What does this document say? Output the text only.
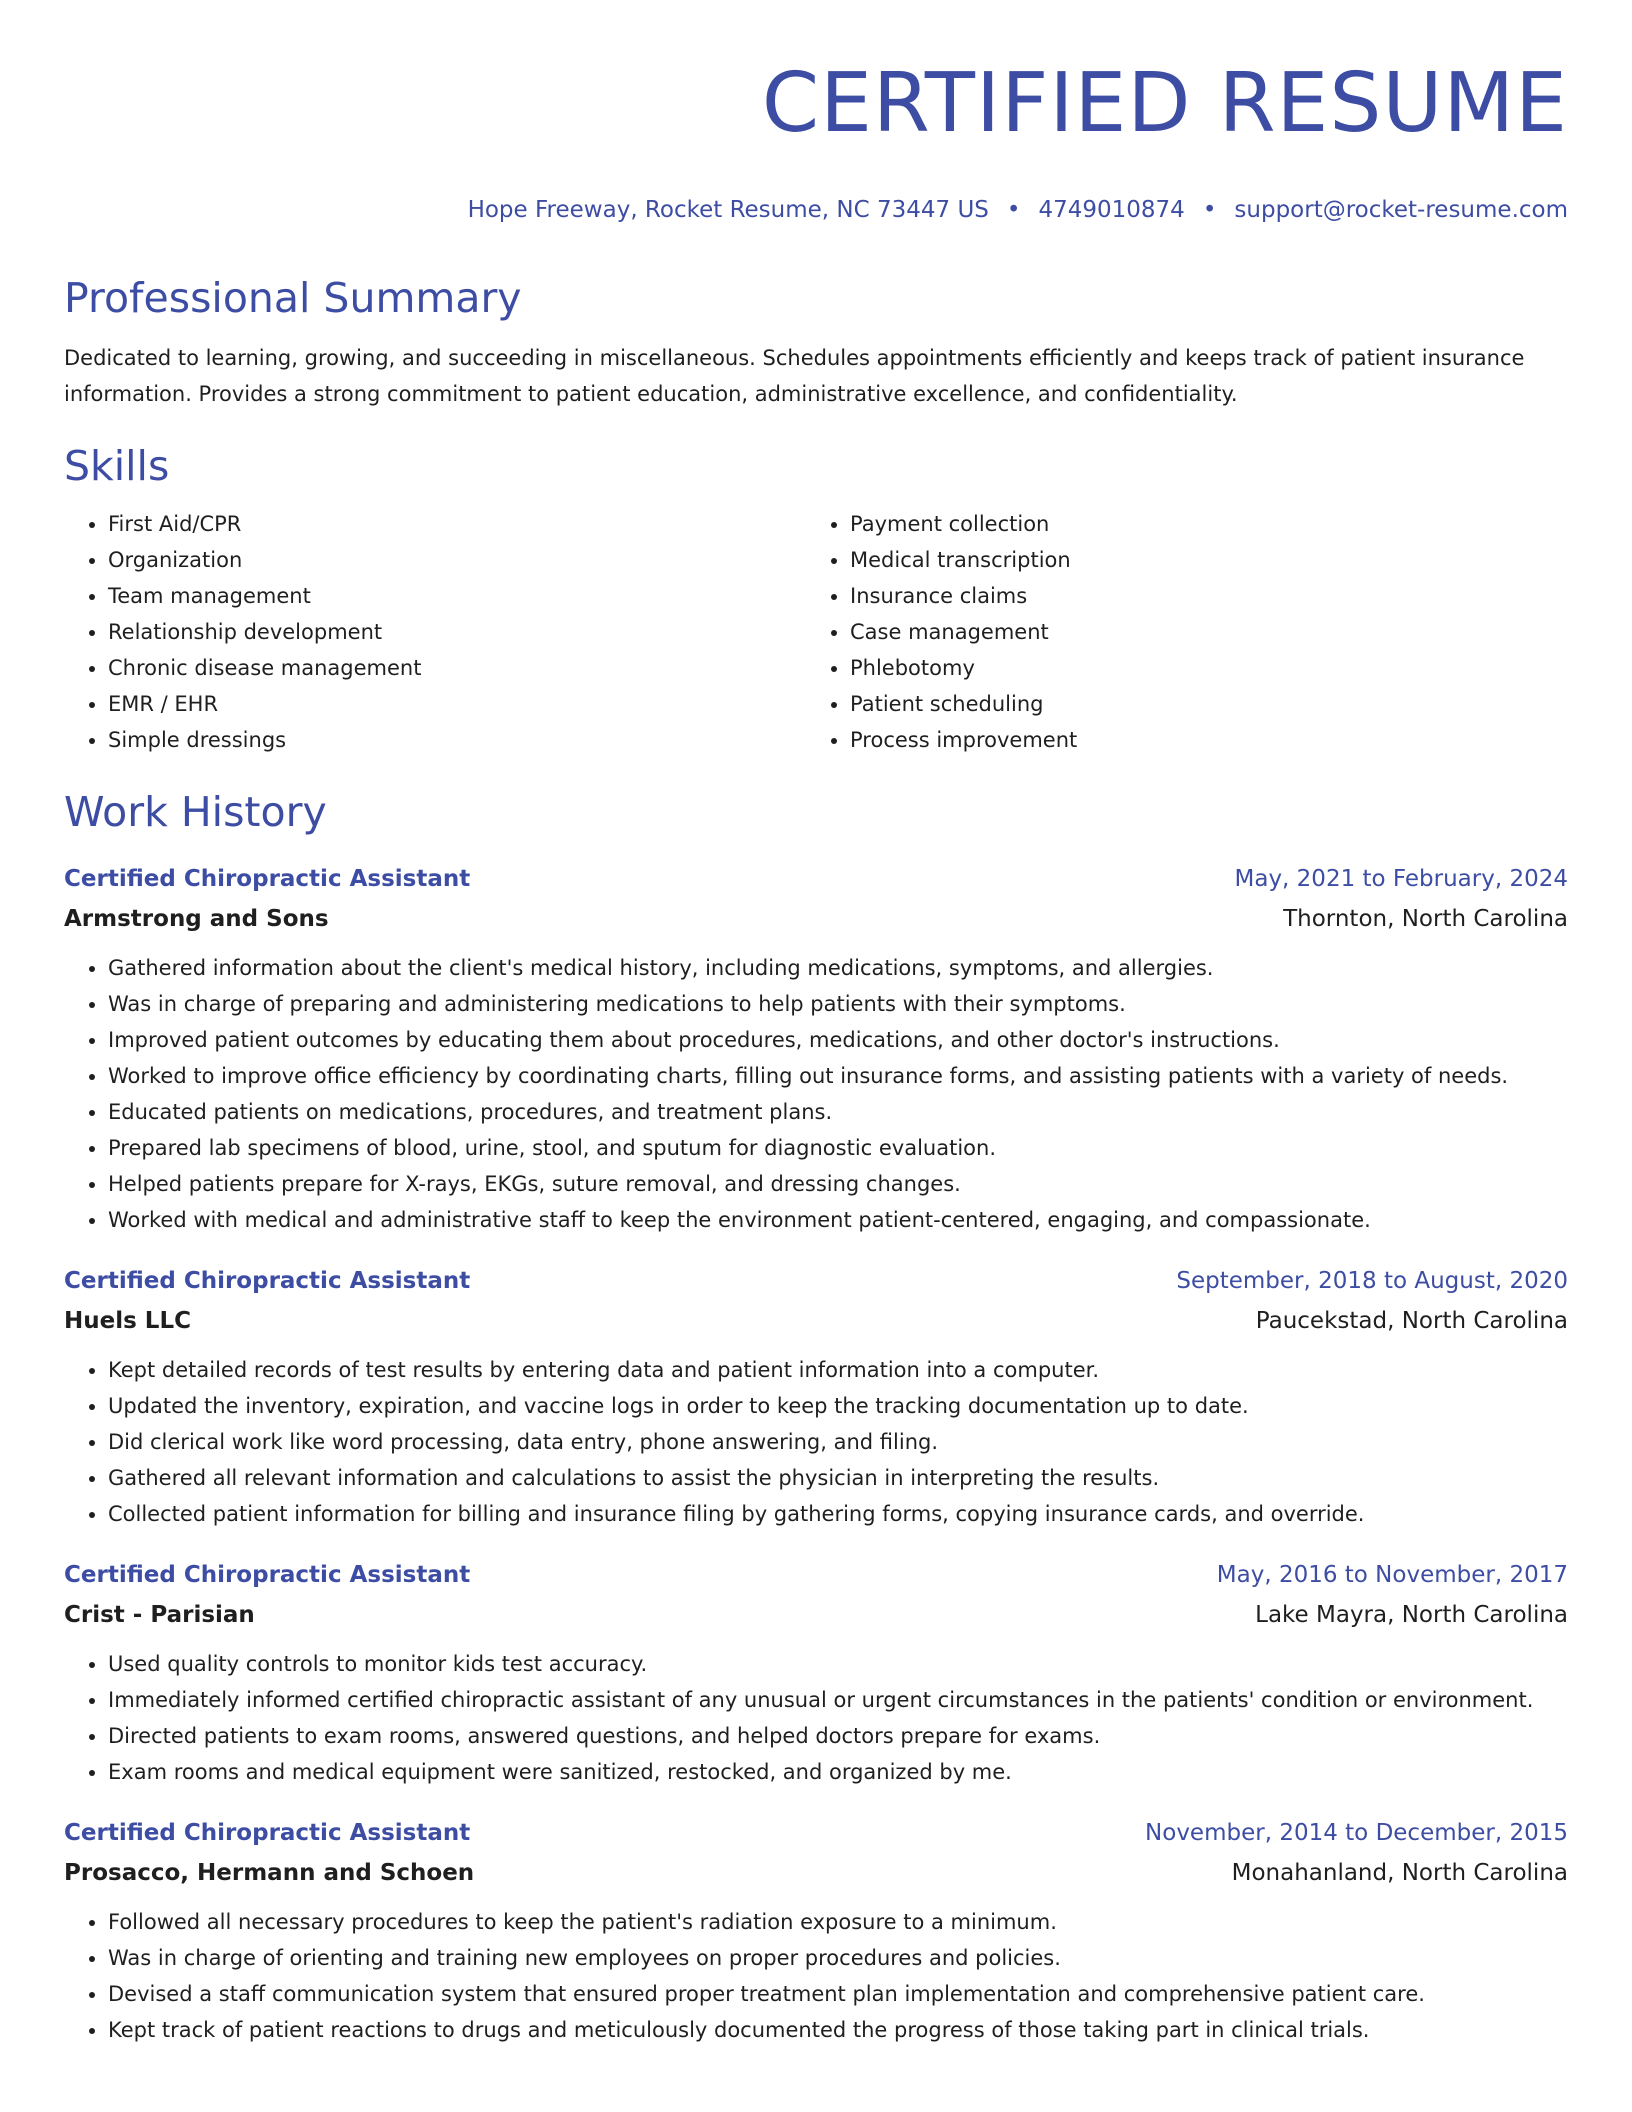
CERTIFIED RESUME
Hope Freeway, Rocket Resume, NC 73447 US • 4749010874 • support@rocket-resume.com
Professional Summary

Dedicated to learning, growing, and succeeding in miscellaneous. Schedules appointments efficiently and keeps track of patient insurance information. Provides a strong commitment to patient education, administrative excellence, and confidentiality.

Skills
• First Aid/CPR
• Organization
• Team management
• Relationship development
• Chronic disease management
• EMR / EHR
• Simple dressings
• Payment collection
• Medical transcription
• Insurance claims
• Case management
• Phlebotomy
• Patient scheduling
• Process improvement
Work History
Certified Chiropractic Assistant	May, 2021 to February, 2024
Armstrong and Sons	Thornton, North Carolina
• Gathered information about the client's medical history, including medications, symptoms, and allergies.
• Was in charge of preparing and administering medications to help patients with their symptoms.
• Improved patient outcomes by educating them about procedures, medications, and other doctor's instructions.
• Worked to improve office efficiency by coordinating charts, filling out insurance forms, and assisting patients with a variety of needs.
• Educated patients on medications, procedures, and treatment plans.
• Prepared lab specimens of blood, urine, stool, and sputum for diagnostic evaluation.
• Helped patients prepare for X-rays, EKGs, suture removal, and dressing changes.
• Worked with medical and administrative staff to keep the environment patient-centered, engaging, and compassionate.
Certified Chiropractic Assistant	September, 2018 to August, 2020
Huels LLC	Paucekstad, North Carolina
• Kept detailed records of test results by entering data and patient information into a computer.
• Updated the inventory, expiration, and vaccine logs in order to keep the tracking documentation up to date.
• Did clerical work like word processing, data entry, phone answering, and filing.
• Gathered all relevant information and calculations to assist the physician in interpreting the results.
• Collected patient information for billing and insurance filing by gathering forms, copying insurance cards, and override.
Certified Chiropractic Assistant	May, 2016 to November, 2017
Crist - Parisian	Lake Mayra, North Carolina
• Used quality controls to monitor kids test accuracy.
• Immediately informed certified chiropractic assistant of any unusual or urgent circumstances in the patients' condition or environment.
• Directed patients to exam rooms, answered questions, and helped doctors prepare for exams.
• Exam rooms and medical equipment were sanitized, restocked, and organized by me.
Certified Chiropractic Assistant	November, 2014 to December, 2015
Prosacco, Hermann and Schoen	Monahanland, North Carolina
• Followed all necessary procedures to keep the patient's radiation exposure to a minimum.
• Was in charge of orienting and training new employees on proper procedures and policies.
• Devised a staff communication system that ensured proper treatment plan implementation and comprehensive patient care.
• Kept track of patient reactions to drugs and meticulously documented the progress of those taking part in clinical trials.
